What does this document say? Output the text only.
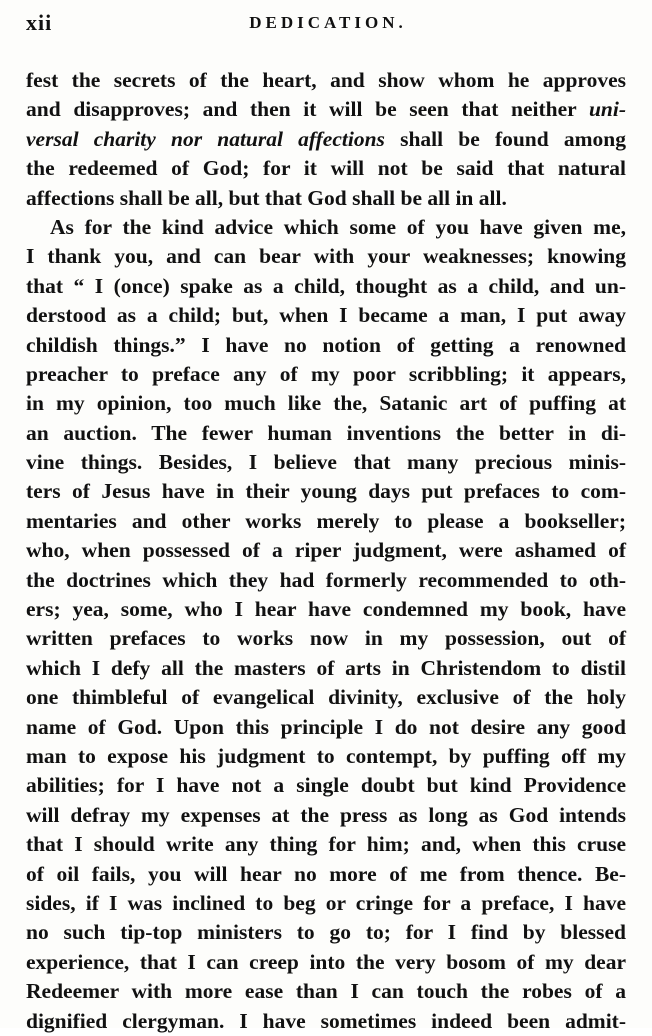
xii	DEDICATION.
fest the secrets of the heart, and show whom he approves
and disapproves; and then it will be seen that neither uni-
versal charity nor natural affections shall be found among
the redeemed of God; for it will not be said that natural
affections shall be all, but that God shall be all in all.
As for the kind advice which some of you have given me,
I thank you, and can bear with your weaknesses; knowing
that “ I (once) spake as a child, thought as a child, and un-
derstood as a child; but, when I became a man, I put away
childish things.” I have no notion of getting a renowned
preacher to preface any of my poor scribbling; it appears,
in my opinion, too much like the, Satanic art of puffing at
an auction. The fewer human inventions the better in di-
vine things. Besides, I believe that many precious minis-
ters of Jesus have in their young days put prefaces to com-
mentaries and other works merely to please a bookseller;
who, when possessed of a riper judgment, were ashamed of
the doctrines which they had formerly recommended to oth-
ers; yea, some, who I hear have condemned my book, have
written prefaces to works now in my possession, out of
which I defy all the masters of arts in Christendom to distil
one thimbleful of evangelical divinity, exclusive of the holy
name of God. Upon this principle I do not desire any good
man to expose his judgment to contempt, by puffing off my
abilities; for I have not a single doubt but kind Providence
will defray my expenses at the press as long as God intends
that I should write any thing for him; and, when this cruse
of oil fails, you will hear no more of me from thence. Be-
sides, if I was inclined to beg or cringe for a preface, I have
no such tip-top ministers to go to; for I find by blessed
experience, that I can creep into the very bosom of my dear
Redeemer with more ease than I can touch the robes of a
dignified clergyman. I have sometimes indeed been admit-
